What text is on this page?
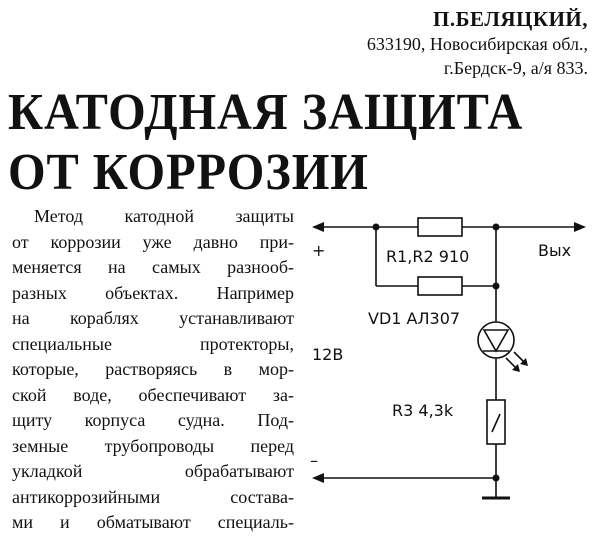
П.БЕЛЯЦКИЙ,
633190, Новосибирская обл.,
г.Бердск-9, а/я 833.
КАТОДНАЯ ЗАЩИТА
ОТ КОРРОЗИИ
Метод катодной защиты
от коррозии уже давно при-
меняется на самых разнооб-
разных объектах. Например
на кораблях устанавливают
специальные протекторы,
которые, растворяясь в мор-
ской воде, обеспечивают за-
щиту корпуса судна. Под-
земные трубопроводы перед
укладкой обрабатывают
антикоррозийными состава-
ми и обматывают специаль-
+
–
12В
Вых
R1,R2 910
VD1 АЛ307
R3 4,3k
